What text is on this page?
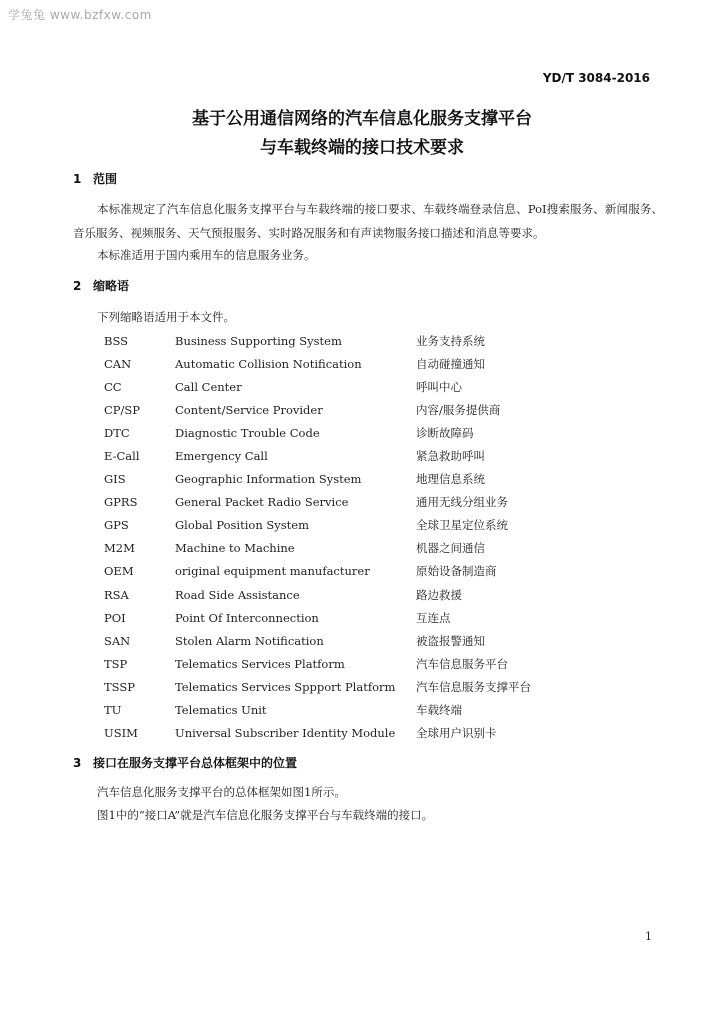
学兔兔 www.bzfxw.com
YD/T 3084-2016
基于公用通信网络的汽车信息化服务支撑平台
与车载终端的接口技术要求
1 范围

本标准规定了汽车信息化服务支撑平台与车载终端的接口要求、车载终端登录信息、PoI搜索服务、新闻服务、音乐服务、视频服务、天气预报服务、实时路况服务和有声读物服务接口描述和消息等要求。

本标准适用于国内乘用车的信息服务业务。

2 缩略语
下列缩略语适用于本文件。
BSS	Business Supporting System	业务支持系统
CAN	Automatic Collision Notification	自动碰撞通知
CC	Call Center	呼叫中心
CP/SP	Content/Service Provider	内容/服务提供商
DTC	Diagnostic Trouble Code	诊断故障码
E-Call	Emergency Call	紧急救助呼叫
GIS	Geographic Information System	地理信息系统
GPRS	General Packet Radio Service	通用无线分组业务
GPS	Global Position System	全球卫星定位系统
M2M	Machine to Machine	机器之间通信
OEM	original equipment manufacturer	原始设备制造商
RSA	Road Side Assistance	路边救援
POI	Point Of Interconnection	互连点
SAN	Stolen Alarm Notification	被盗报警通知
TSP	Telematics Services Platform	汽车信息服务平台
TSSP	Telematics Services Sppport Platform	汽车信息服务支撑平台
TU	Telematics Unit	车载终端
USIM	Universal Subscriber Identity Module	全球用户识别卡
3 接口在服务支撑平台总体框架中的位置

汽车信息化服务支撑平台的总体框架如图1所示。

图1中的“接口A”就是汽车信息化服务支撑平台与车载终端的接口。

1
